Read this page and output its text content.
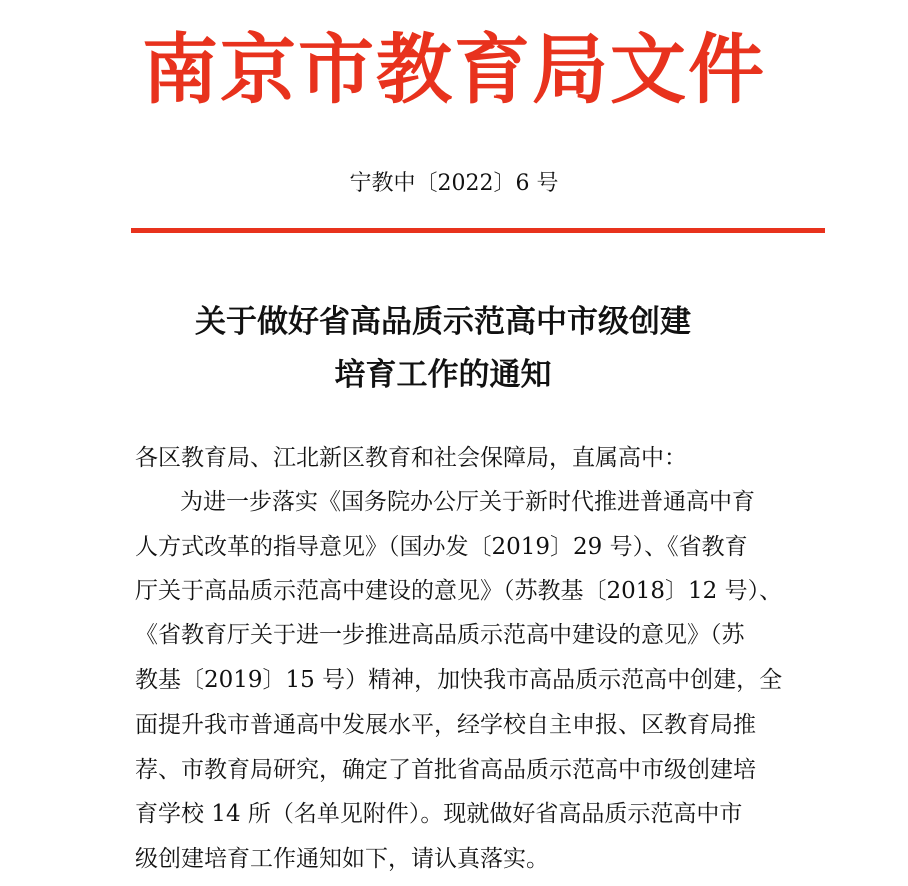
南京市教育局文件
宁教中〔2022〕6 号
关于做好省高品质示范高中市级创建
培育工作的通知
各区教育局、江北新区教育和社会保障局，直属高中：
为进一步落实《国务院办公厅关于新时代推进普通高中育
人方式改革的指导意见》（国办发〔2019〕29 号）、《省教育
厅关于高品质示范高中建设的意见》（苏教基〔2018〕12 号）、
《省教育厅关于进一步推进高品质示范高中建设的意见》（苏
教基〔2019〕15 号）精神，加快我市高品质示范高中创建，全
面提升我市普通高中发展水平，经学校自主申报、区教育局推
荐、市教育局研究，确定了首批省高品质示范高中市级创建培
育学校 14 所（名单见附件）。现就做好省高品质示范高中市
级创建培育工作通知如下，请认真落实。
